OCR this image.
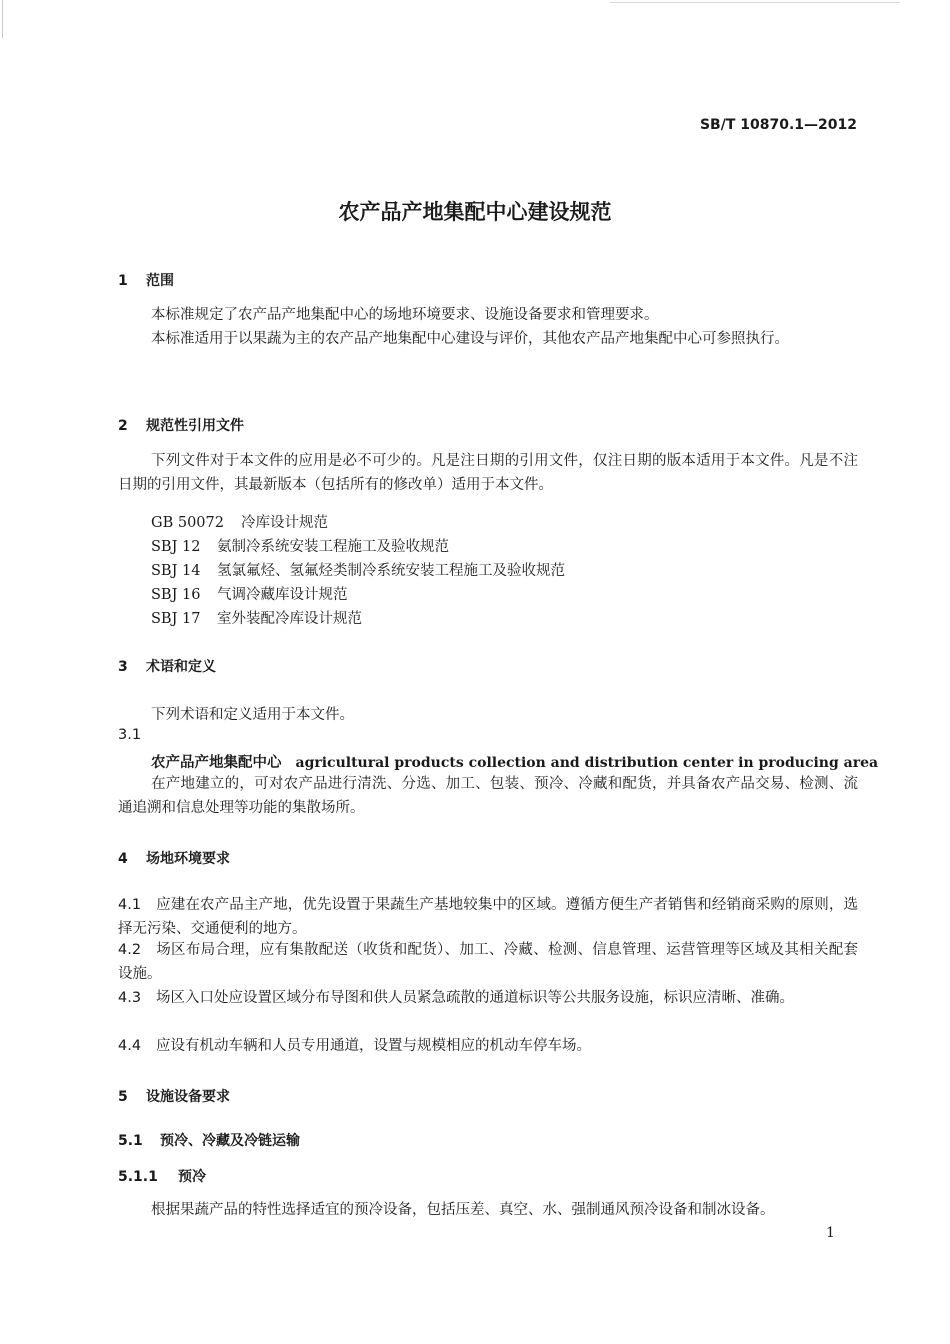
SB/T 10870.1—2012
农产品产地集配中心建设规范
1 范围

本标准规定了农产品产地集配中心的场地环境要求、设施设备要求和管理要求。

本标准适用于以果蔬为主的农产品产地集配中心建设与评价，其他农产品产地集配中心可参照执行。

2 规范性引用文件

下列文件对于本文件的应用是必不可少的。凡是注日期的引用文件，仅注日期的版本适用于本文件。凡是不注日期的引用文件，其最新版本（包括所有的修改单）适用于本文件。

GB 50072 冷库设计规范
SBJ 12 氨制冷系统安装工程施工及验收规范
SBJ 14 氢氯氟烃、氢氟烃类制冷系统安装工程施工及验收规范
SBJ 16 气调冷藏库设计规范
SBJ 17 室外装配冷库设计规范
3 术语和定义

下列术语和定义适用于本文件。

3.1
农产品产地集配中心 agricultural products collection and distribution center in producing area

在产地建立的，可对农产品进行清洗、分选、加工、包装、预冷、冷藏和配货，并具备农产品交易、检测、流通追溯和信息处理等功能的集散场所。

4 场地环境要求

4.1 应建在农产品主产地，优先设置于果蔬生产基地较集中的区域。遵循方便生产者销售和经销商采购的原则，选择无污染、交通便利的地方。

4.2 场区布局合理，应有集散配送（收货和配货）、加工、冷藏、检测、信息管理、运营管理等区域及其相关配套设施。

4.3 场区入口处应设置区域分布导图和供人员紧急疏散的通道标识等公共服务设施，标识应清晰、准确。

4.4 应设有机动车辆和人员专用通道，设置与规模相应的机动车停车场。

5 设施设备要求
5.1 预冷、冷藏及冷链运输
5.1.1 预冷

根据果蔬产品的特性选择适宜的预冷设备，包括压差、真空、水、强制通风预冷设备和制冰设备。

1
